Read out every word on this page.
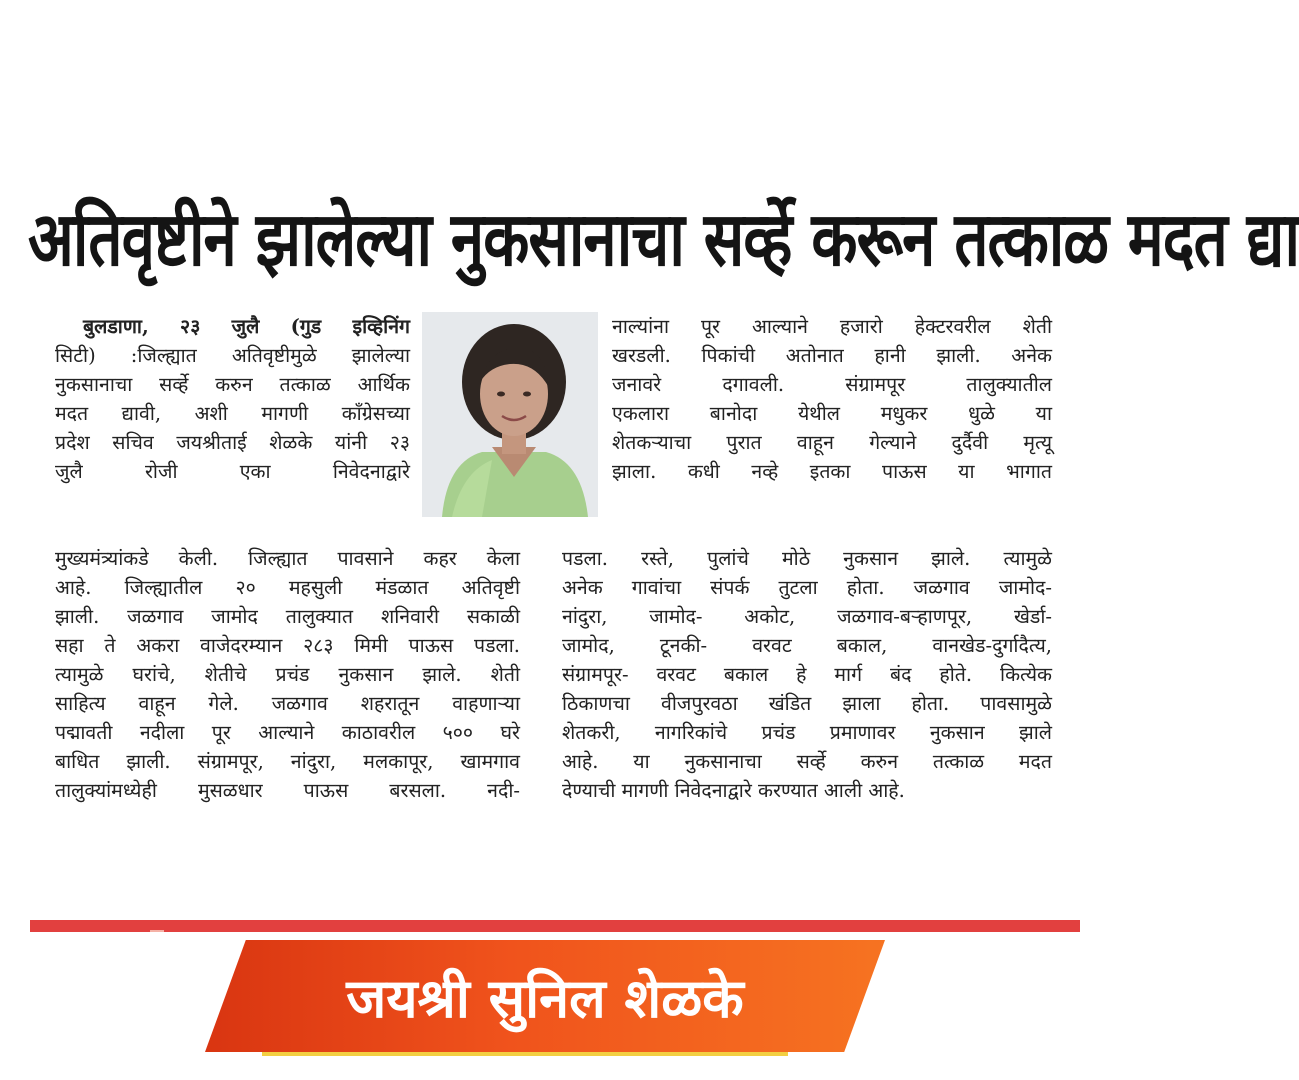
अतिवृष्टीने झालेल्या नुकसानाचा सर्व्हे करून तत्काळ मदत द्या
बुलडाणा, २३ जुलै (गुड इव्हिनिंग
सिटी) :जिल्ह्यात अतिवृष्टीमुळे झालेल्या
नुकसानाचा सर्व्हे करुन तत्काळ आर्थिक
मदत द्यावी, अशी मागणी काँग्रेसच्या
प्रदेश सचिव जयश्रीताई शेळके यांनी २३
जुलै रोजी एका निवेदनाद्वारे
नाल्यांना पूर आल्याने हजारो हेक्टरवरील शेती
खरडली. पिकांची अतोनात हानी झाली. अनेक
जनावरे दगावली. संग्रामपूर तालुक्यातील
एकलारा बानोदा येथील मधुकर धुळे या
शेतकऱ्याचा पुरात वाहून गेल्याने दुर्दैवी मृत्यू
झाला. कधी नव्हे इतका पाऊस या भागात
मुख्यमंत्र्यांकडे केली. जिल्ह्यात पावसाने कहर केला
आहे. जिल्ह्यातील २० महसुली मंडळात अतिवृष्टी
झाली. जळगाव जामोद तालुक्यात शनिवारी सकाळी
सहा ते अकरा वाजेदरम्यान २८३ मिमी पाऊस पडला.
त्यामुळे घरांचे, शेतीचे प्रचंड नुकसान झाले. शेती
साहित्य वाहून गेले. जळगाव शहरातून वाहणाऱ्या
पद्मावती नदीला पूर आल्याने काठावरील ५०० घरे
बाधित झाली. संग्रामपूर, नांदुरा, मलकापूर, खामगाव
तालुक्यांमध्येही मुसळधार पाऊस बरसला. नदी-
पडला. रस्ते, पुलांचे मोठे नुकसान झाले. त्यामुळे
अनेक गावांचा संपर्क तुटला होता. जळगाव जामोद-
नांदुरा, जामोद- अकोट, जळगाव-बऱ्हाणपूर, खेर्डा-
जामोद, टूनकी- वरवट बकाल, वानखेड-दुर्गादैत्य,
संग्रामपूर- वरवट बकाल हे मार्ग बंद होते. कित्येक
ठिकाणचा वीजपुरवठा खंडित झाला होता. पावसामुळे
शेतकरी, नागरिकांचे प्रचंड प्रमाणावर नुकसान झाले
आहे. या नुकसानाचा सर्व्हे करुन तत्काळ मदत
देण्याची मागणी निवेदनाद्वारे करण्यात आली आहे.
जयश्री सुनिल शेळके
